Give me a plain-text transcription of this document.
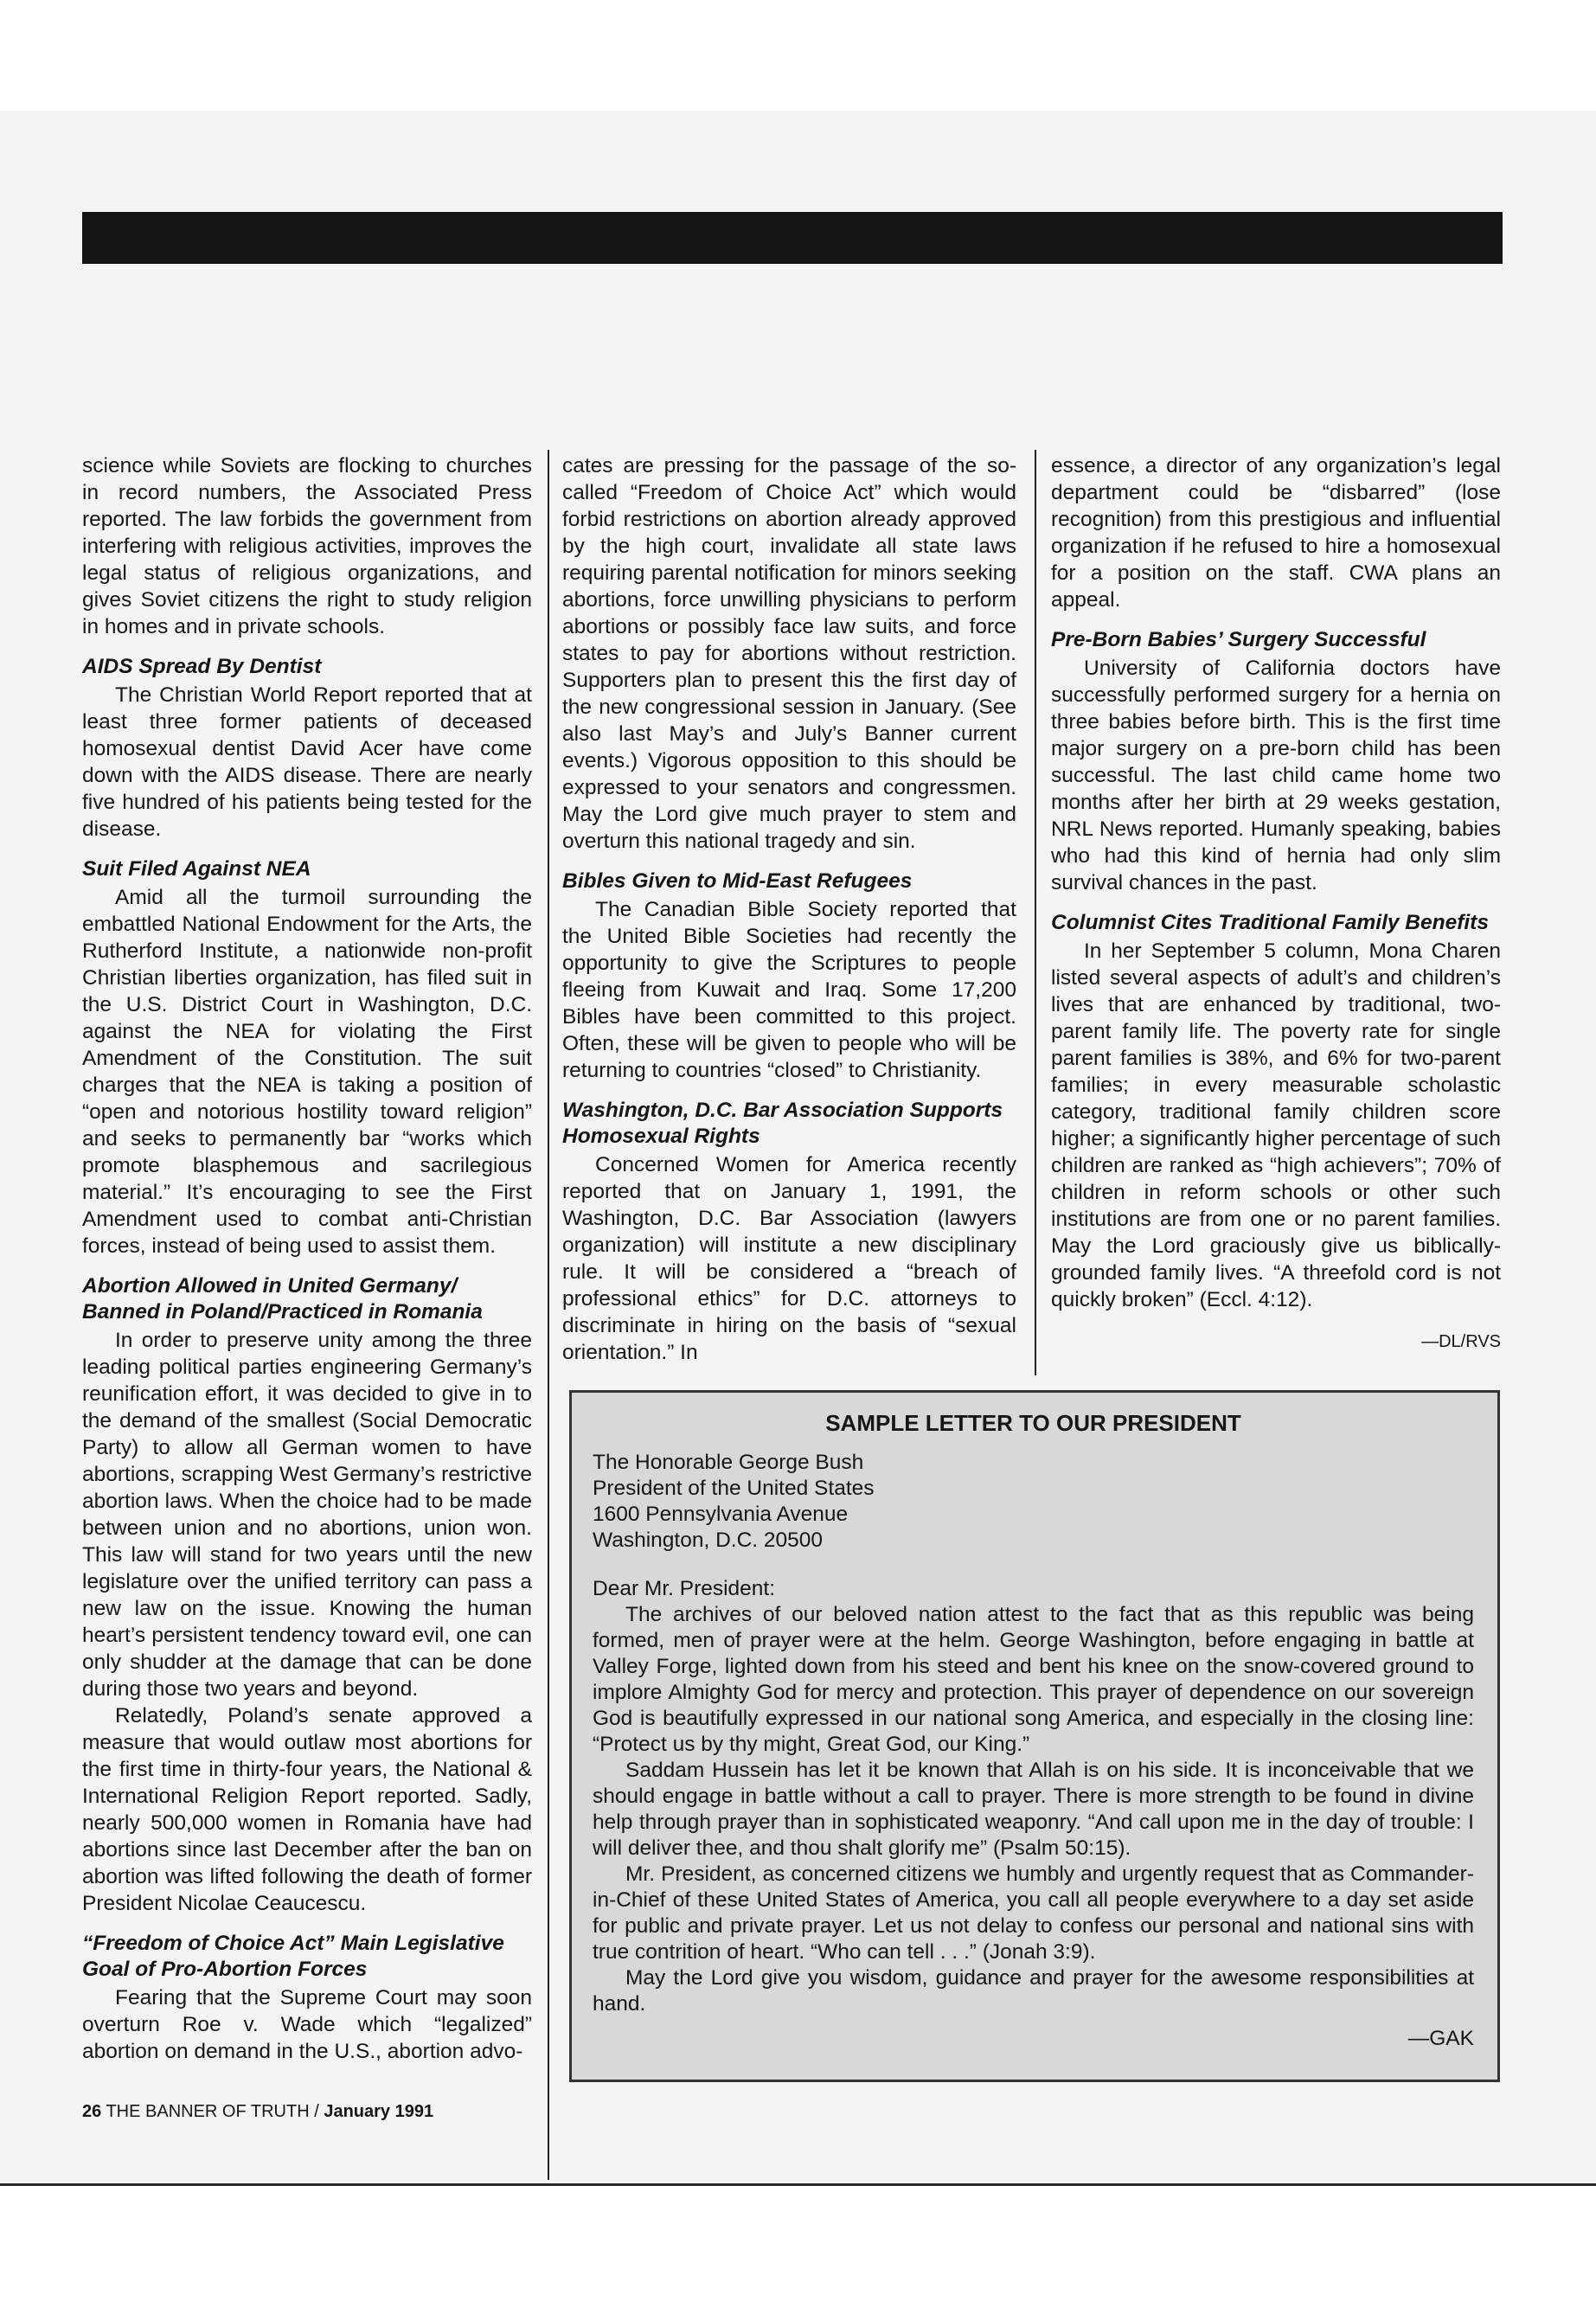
science while Soviets are flocking to churches in record numbers, the Associated Press reported. The law forbids the government from interfering with religious activities, improves the legal status of religious organizations, and gives Soviet citizens the right to study religion in homes and in private schools.

AIDS Spread By Dentist

The Christian World Report reported that at least three former patients of deceased homosexual dentist David Acer have come down with the AIDS disease. There are nearly five hundred of his patients being tested for the disease.

Suit Filed Against NEA

Amid all the turmoil surrounding the embattled National Endowment for the Arts, the Rutherford Institute, a nationwide non-profit Christian liberties organization, has filed suit in the U.S. District Court in Washington, D.C. against the NEA for violating the First Amendment of the Constitution. The suit charges that the NEA is taking a position of “open and notorious hostility toward religion” and seeks to permanently bar “works which promote blasphemous and sacrilegious material.” It’s encouraging to see the First Amendment used to combat anti-Christian forces, instead of being used to assist them.

Abortion Allowed in United Germany/ Banned in Poland/Practiced in Romania

In order to preserve unity among the three leading political parties engineering Germany’s reunification effort, it was decided to give in to the demand of the smallest (Social Democratic Party) to allow all German women to have abortions, scrapping West Germany’s restrictive abortion laws. When the choice had to be made between union and no abortions, union won. This law will stand for two years until the new legislature over the unified territory can pass a new law on the issue. Knowing the human heart’s persistent tendency toward evil, one can only shudder at the damage that can be done during those two years and beyond.

Relatedly, Poland’s senate approved a measure that would outlaw most abortions for the first time in thirty-four years, the National & International Religion Report reported. Sadly, nearly 500,000 women in Romania have had abortions since last December after the ban on abortion was lifted following the death of former President Nicolae Ceaucescu.

“Freedom of Choice Act” Main Legislative Goal of Pro-Abortion Forces

Fearing that the Supreme Court may soon overturn Roe v. Wade which “legalized” abortion on demand in the U.S., abortion advo-

cates are pressing for the passage of the so-called “Freedom of Choice Act” which would forbid restrictions on abortion already approved by the high court, invalidate all state laws requiring parental notification for minors seeking abortions, force unwilling physicians to perform abortions or possibly face law suits, and force states to pay for abortions without restriction. Supporters plan to present this the first day of the new congressional session in January. (See also last May’s and July’s Banner current events.) Vigorous opposition to this should be expressed to your senators and congressmen. May the Lord give much prayer to stem and overturn this national tragedy and sin.

Bibles Given to Mid-East Refugees

The Canadian Bible Society reported that the United Bible Societies had recently the opportunity to give the Scriptures to people fleeing from Kuwait and Iraq. Some 17,200 Bibles have been committed to this project. Often, these will be given to people who will be returning to countries “closed” to Christianity.

Washington, D.C. Bar Association Supports Homosexual Rights

Concerned Women for America recently reported that on January 1, 1991, the Washington, D.C. Bar Association (lawyers organization) will institute a new disciplinary rule. It will be considered a “breach of professional ethics” for D.C. attorneys to discriminate in hiring on the basis of “sexual orientation.” In

essence, a director of any organization’s legal department could be “disbarred” (lose recognition) from this prestigious and influential organization if he refused to hire a homosexual for a position on the staff. CWA plans an appeal.

Pre-Born Babies’ Surgery Successful

University of California doctors have successfully performed surgery for a hernia on three babies before birth. This is the first time major surgery on a pre-born child has been successful. The last child came home two months after her birth at 29 weeks gestation, NRL News reported. Humanly speaking, babies who had this kind of hernia had only slim survival chances in the past.

Columnist Cites Traditional Family Benefits

In her September 5 column, Mona Charen listed several aspects of adult’s and children’s lives that are enhanced by traditional, two-parent family life. The poverty rate for single parent families is 38%, and 6% for two-parent families; in every measurable scholastic category, traditional family children score higher; a significantly higher percentage of such children are ranked as “high achievers”; 70% of children in reform schools or other such institutions are from one or no parent families. May the Lord graciously give us biblically-grounded family lives. “A threefold cord is not quickly broken” (Eccl. 4:12).

—DL/RVS
SAMPLE LETTER TO OUR PRESIDENT
The Honorable George Bush
President of the United States
1600 Pennsylvania Avenue
Washington, D.C. 20500

Dear Mr. President:

The archives of our beloved nation attest to the fact that as this republic was being formed, men of prayer were at the helm. George Washington, before engaging in battle at Valley Forge, lighted down from his steed and bent his knee on the snow-covered ground to implore Almighty God for mercy and protection. This prayer of dependence on our sovereign God is beautifully expressed in our national song America, and especially in the closing line: “Protect us by thy might, Great God, our King.”

Saddam Hussein has let it be known that Allah is on his side. It is inconceivable that we should engage in battle without a call to prayer. There is more strength to be found in divine help through prayer than in sophisticated weaponry. “And call upon me in the day of trouble: I will deliver thee, and thou shalt glorify me” (Psalm 50:15).

Mr. President, as concerned citizens we humbly and urgently request that as Commander-in-Chief of these United States of America, you call all people everywhere to a day set aside for public and private prayer. Let us not delay to confess our personal and national sins with true contrition of heart. “Who can tell . . .” (Jonah 3:9).

May the Lord give you wisdom, guidance and prayer for the awesome responsibilities at hand.

—GAK
26 THE BANNER OF TRUTH / January 1991
